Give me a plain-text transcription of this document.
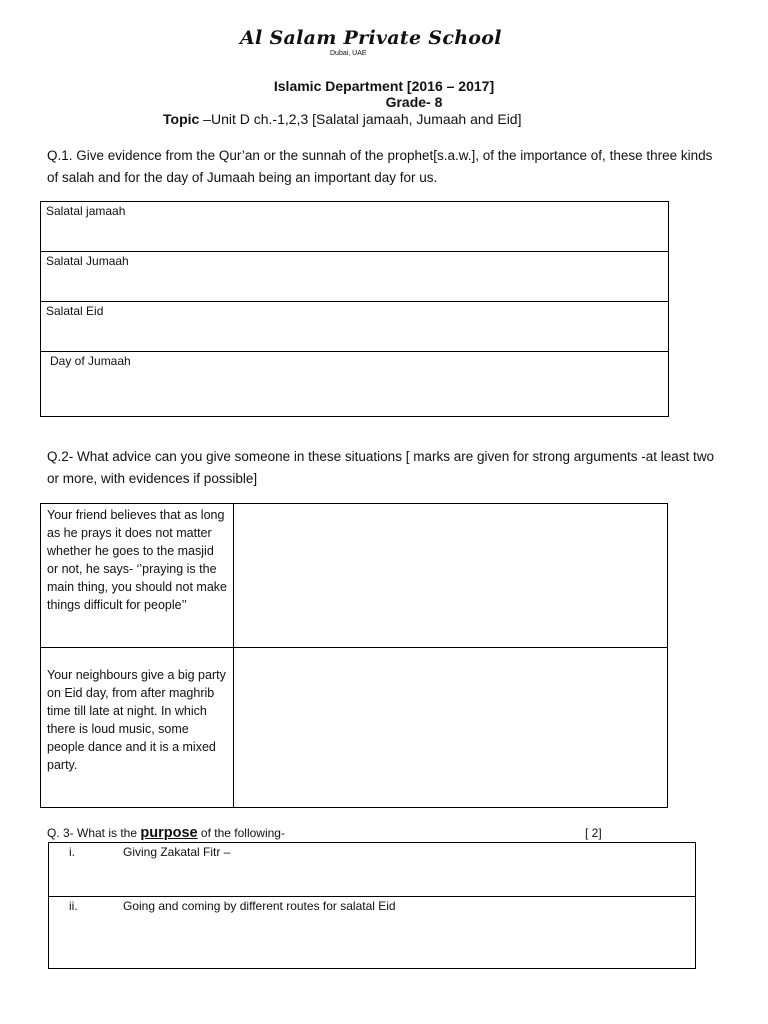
Al Salam Private School
Dubai, UAE
Islamic Department [2016 – 2017]
Grade- 8
Topic –Unit D ch.-1,2,3 [Salatal jamaah, Jumaah and Eid]
Q.1. Give evidence from the Qur’an or the sunnah of the prophet[s.a.w.], of the importance of, these three kinds of salah and for the day of Jumaah being an important day for us.
Salatal jamaah
Salatal Jumaah
Salatal Eid
Day of Jumaah
Q.2- What advice can you give someone in these situations [ marks are given for strong arguments -at least two or more, with evidences if possible]
Your friend believes that as long as he prays it does not matter whether he goes to the masjid or not, he says- ‘’praying is the main thing, you should not make things difficult for people’’	
Your neighbours give a big party on Eid day, from after maghrib time till late at night. In which there is loud music, some people dance and it is a mixed party.	
Q. 3- What is the purpose of the following-	[ 2]
i.	Giving Zakatal Fitr –
ii.	Going and coming by different routes for salatal Eid
